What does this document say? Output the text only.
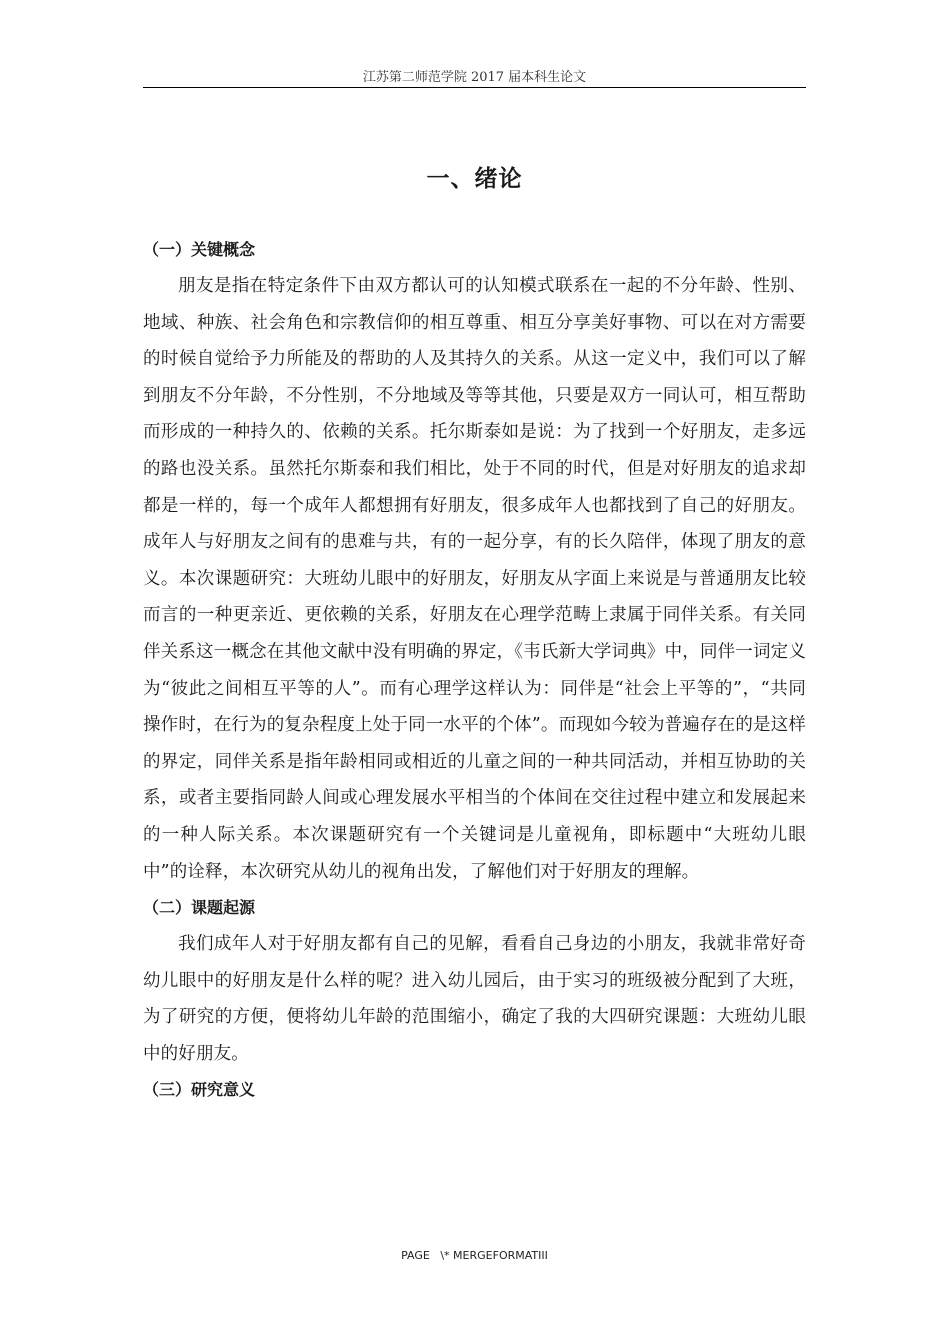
江苏第二师范学院 2017 届本科生论文
一、绪论
（一）关键概念

朋友是指在特定条件下由双方都认可的认知模式联系在一起的不分年龄、性别、地域、种族、社会角色和宗教信仰的相互尊重、相互分享美好事物、可以在对方需要的时候自觉给予力所能及的帮助的人及其持久的关系。从这一定义中，我们可以了解到朋友不分年龄，不分性别，不分地域及等等其他，只要是双方一同认可，相互帮助而形成的一种持久的、依赖的关系。托尔斯泰如是说：为了找到一个好朋友，走多远的路也没关系。虽然托尔斯泰和我们相比，处于不同的时代，但是对好朋友的追求却都是一样的，每一个成年人都想拥有好朋友，很多成年人也都找到了自己的好朋友。成年人与好朋友之间有的患难与共，有的一起分享，有的长久陪伴，体现了朋友的意义。本次课题研究：大班幼儿眼中的好朋友，好朋友从字面上来说是与普通朋友比较而言的一种更亲近、更依赖的关系，好朋友在心理学范畴上隶属于同伴关系。有关同伴关系这一概念在其他文献中没有明确的界定，《韦氏新大学词典》中，同伴一词定义为“彼此之间相互平等的人”。而有心理学这样认为：同伴是“社会上平等的”，“共同操作时，在行为的复杂程度上处于同一水平的个体”。而现如今较为普遍存在的是这样的界定，同伴关系是指年龄相同或相近的儿童之间的一种共同活动，并相互协助的关系，或者主要指同龄人间或心理发展水平相当的个体间在交往过程中建立和发展起来的一种人际关系。本次课题研究有一个关键词是儿童视角，即标题中“大班幼儿眼中”的诠释，本次研究从幼儿的视角出发，了解他们对于好朋友的理解。

（二）课题起源

我们成年人对于好朋友都有自己的见解，看看自己身边的小朋友，我就非常好奇幼儿眼中的好朋友是什么样的呢？进入幼儿园后，由于实习的班级被分配到了大班，为了研究的方便，便将幼儿年龄的范围缩小，确定了我的大四研究课题：大班幼儿眼中的好朋友。

（三）研究意义
PAGE   \* MERGEFORMATIII
